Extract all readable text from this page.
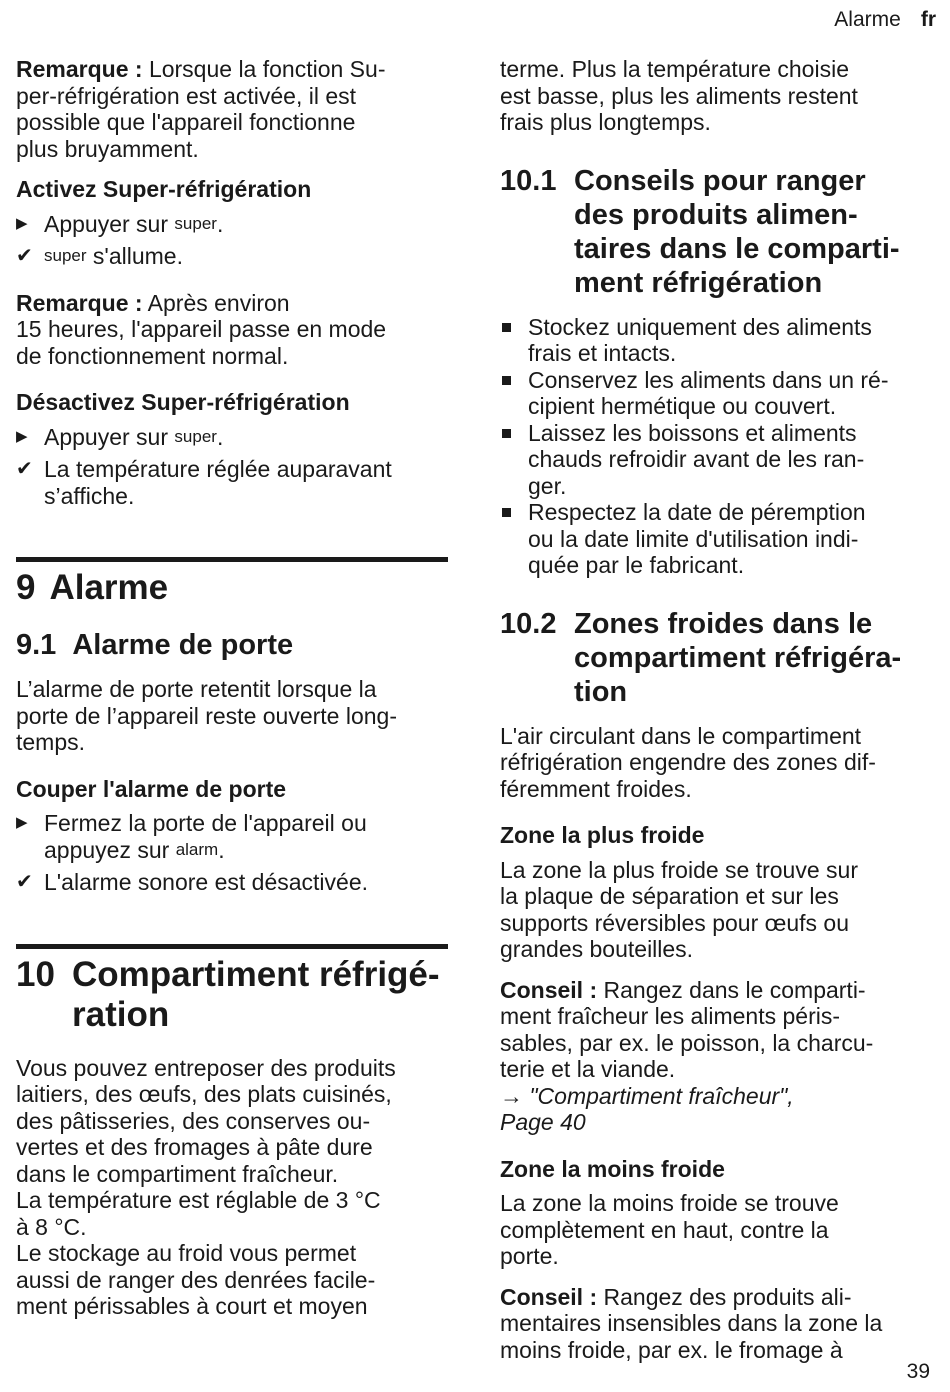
Alarme fr

Remarque : Lorsque la fonction Su-
per-réfrigération est activée, il est
possible que l'appareil fonctionne
plus bruyamment.

Activez Super-réfrigération
▶ Appuyer sur super.
✔ super s'allume.

Remarque : Après environ
15 heures, l'appareil passe en mode
de fonctionnement normal.

Désactivez Super-réfrigération
▶ Appuyer sur super.
✔ La température réglée auparavant
s’affiche.
9 Alarme
9.1 Alarme de porte

L’alarme de porte retentit lorsque la
porte de l’appareil reste ouverte long-
temps.

Couper l'alarme de porte
▶ Fermez la porte de l'appareil ou
appuyez sur alarm.
✔ L'alarme sonore est désactivée.
10 Compartiment réfrigé-
ration

Vous pouvez entreposer des produits
laitiers, des œufs, des plats cuisinés,
des pâtisseries, des conserves ou-
vertes et des fromages à pâte dure
dans le compartiment fraîcheur.
La température est réglable de 3 °C
à 8 °C.
Le stockage au froid vous permet
aussi de ranger des denrées facile-
ment périssables à court et moyen

terme. Plus la température choisie
est basse, plus les aliments restent
frais plus longtemps.

10.1 Conseils pour ranger
des produits alimen-
taires dans le comparti-
ment réfrigération
Stockez uniquement des aliments
frais et intacts.
Conservez les aliments dans un ré-
cipient hermétique ou couvert.
Laissez les boissons et aliments
chauds refroidir avant de les ran-
ger.
Respectez la date de péremption
ou la date limite d'utilisation indi-
quée par le fabricant.
10.2 Zones froides dans le
compartiment réfrigéra-
tion

L'air circulant dans le compartiment
réfrigération engendre des zones dif-
féremment froides.

Zone la plus froide

La zone la plus froide se trouve sur
la plaque de séparation et sur les
supports réversibles pour œufs ou
grandes bouteilles.

Conseil : Rangez dans le comparti-
ment fraîcheur les aliments péris-
sables, par ex. le poisson, la charcu-
terie et la viande.
→ "Compartiment fraîcheur",
Page 40

Zone la moins froide

La zone la moins froide se trouve
complètement en haut, contre la
porte.

Conseil : Rangez des produits ali-
mentaires insensibles dans la zone la
moins froide, par ex. le fromage à

39
